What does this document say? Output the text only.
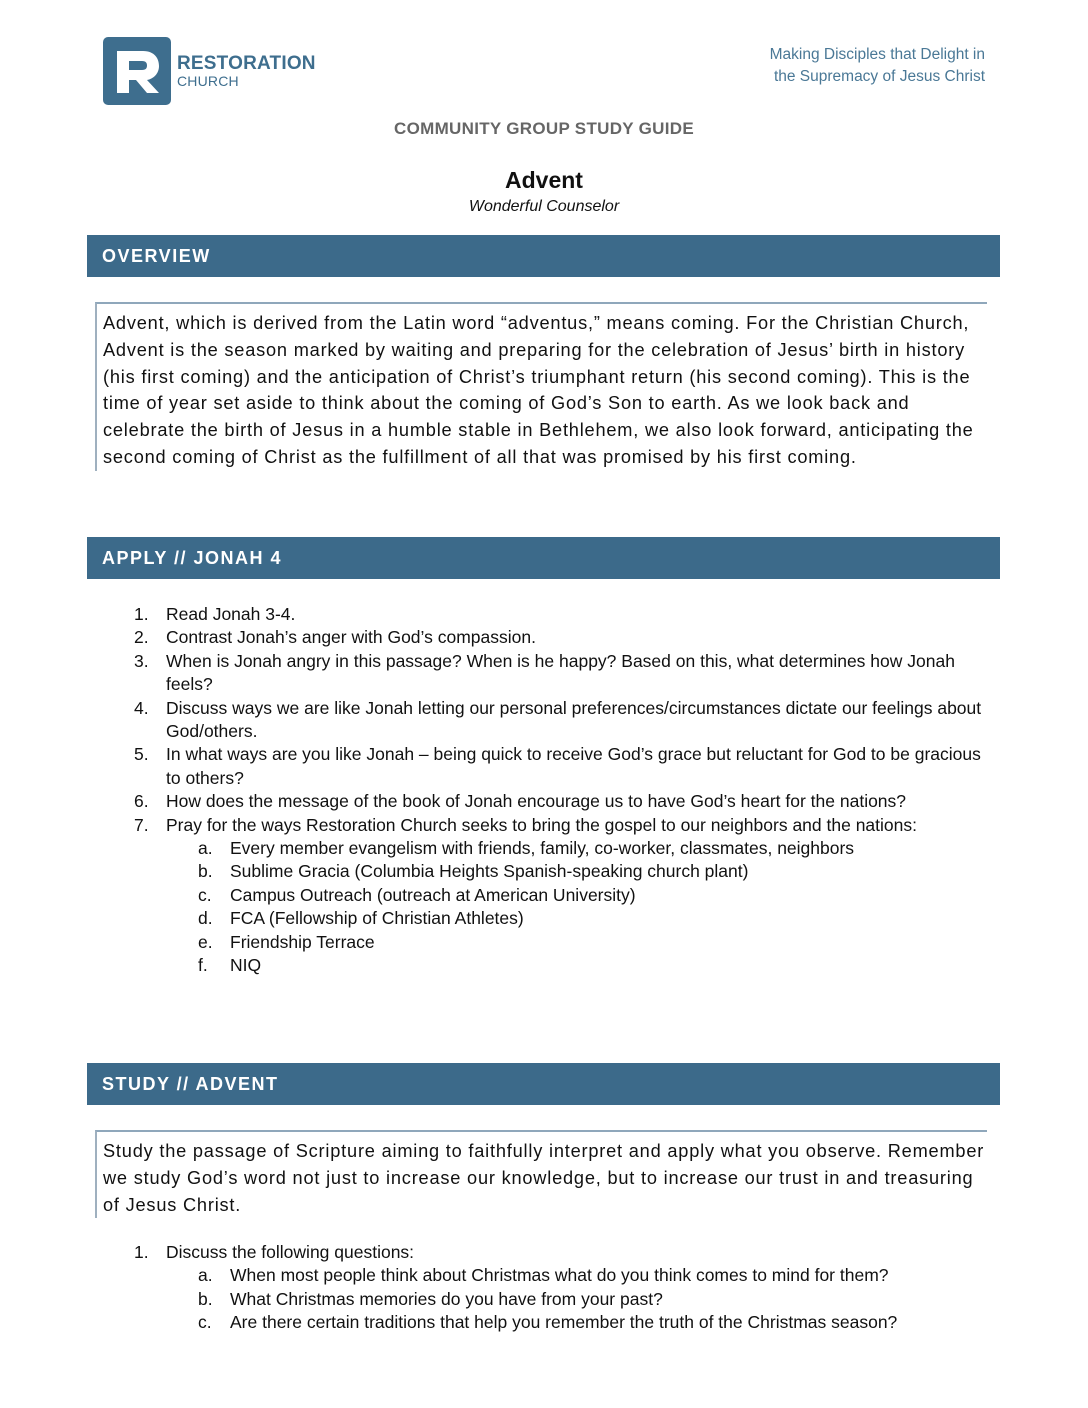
RESTORATION
CHURCH
Making Disciples that Delight in
the Supremacy of Jesus Christ
COMMUNITY GROUP STUDY GUIDE
Advent
Wonderful Counselor
OVERVIEW
Advent, which is derived from the Latin word “adventus,” means coming. For the Christian Church, Advent is the season marked by waiting and preparing for the celebration of Jesus’ birth in history (his first coming) and the anticipation of Christ’s triumphant return (his second coming). This is the time of year set aside to think about the coming of God’s Son to earth. As we look back and celebrate the birth of Jesus in a humble stable in Bethlehem, we also look forward, anticipating the second coming of Christ as the fulfillment of all that was promised by his first coming.
APPLY // JONAH 4
1. Read Jonah 3-4.
2. Contrast Jonah’s anger with God’s compassion.
3. When is Jonah angry in this passage? When is he happy? Based on this, what determines how Jonah feels?
4. Discuss ways we are like Jonah letting our personal preferences/circumstances dictate our feelings about God/others.
5. In what ways are you like Jonah – being quick to receive God’s grace but reluctant for God to be gracious to others?
6. How does the message of the book of Jonah encourage us to have God’s heart for the nations?
7. Pray for the ways Restoration Church seeks to bring the gospel to our neighbors and the nations:
a. Every member evangelism with friends, family, co-worker, classmates, neighbors
b. Sublime Gracia (Columbia Heights Spanish-speaking church plant)
c. Campus Outreach (outreach at American University)
d. FCA (Fellowship of Christian Athletes)
e. Friendship Terrace
f. NIQ
STUDY // ADVENT
Study the passage of Scripture aiming to faithfully interpret and apply what you observe. Remember we study God’s word not just to increase our knowledge, but to increase our trust in and treasuring of Jesus Christ.
1. Discuss the following questions:
a. When most people think about Christmas what do you think comes to mind for them?
b. What Christmas memories do you have from your past?
c. Are there certain traditions that help you remember the truth of the Christmas season?
